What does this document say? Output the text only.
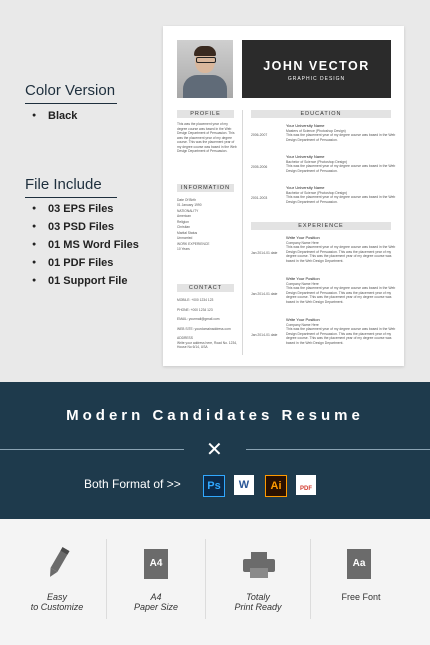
Color Version
● Black
File Include
● 03 EPS Files
● 03 PSD Files
● 01 MS Word Files
● 01 PDF Files
● 01 Support File
JOHN VECTOR
GRAPHIC DESIGN
PROFILE
This was the placement year of my degree course was based in the Web Design Department of Persuasion. This was the placement year of my degree course. This was the placement year of my degree course was based in the Web Design Department of Persuasion.
INFORMATION
Date Of Birth
01 January 1990
NATIONALITY
American
Religion
Christian
Marital Status
Unmarried
WORK EXPERIENCE
10 Years
CONTACT
MOBILE: +000 1234 123
PHONE: +000 1234 123
EMAIL: yourmail@gmail.com
WEB SITE: yourdomainaddress.com
ADDRESS
Write your address here, Road No. 1234, House No 6/14, USA
EDUCATION
2006-2007
Your University Name
Masters of Science (Photoshop Design)
This was the placement year of my degree course was based in the Web Design Department of Persuasion.
2005-2006
Your University Name
Bachelor of Science (Photoshop Design)
This was the placement year of my degree course was based in the Web Design Department of Persuasion.
2001-2003
Your University Name
Bachelor of Science (Photoshop Design)
This was the placement year of my degree course was based in the Web Design Department of Persuasion.
EXPERIENCE
Jan 2014-01 date
Write Your Position
Company Name Here
This was the placement year of my degree course was based in the Web Design Department of Persuasion. This was the placement year of my degree course. This was the placement year of my degree course was based in the Web Design Department.
Jan 2014-01 date
Write Your Position
Company Name Here
This was the placement year of my degree course was based in the Web Design Department of Persuasion. This was the placement year of my degree course. This was the placement year of my degree course was based in the Web Design Department.
Jan 2014-01 date
Write Your Position
Company Name Here
This was the placement year of my degree course was based in the Web Design Department of Persuasion. This was the placement year of my degree course. This was the placement year of my degree course was based in the Web Design Department.
Modern Candidates Resume
✕
Both Format of >>	Ps	W	Ai	PDF
Easy
to Customize
A4
A4
Paper Size
Totaly
Print Ready
Aa
Free Font
